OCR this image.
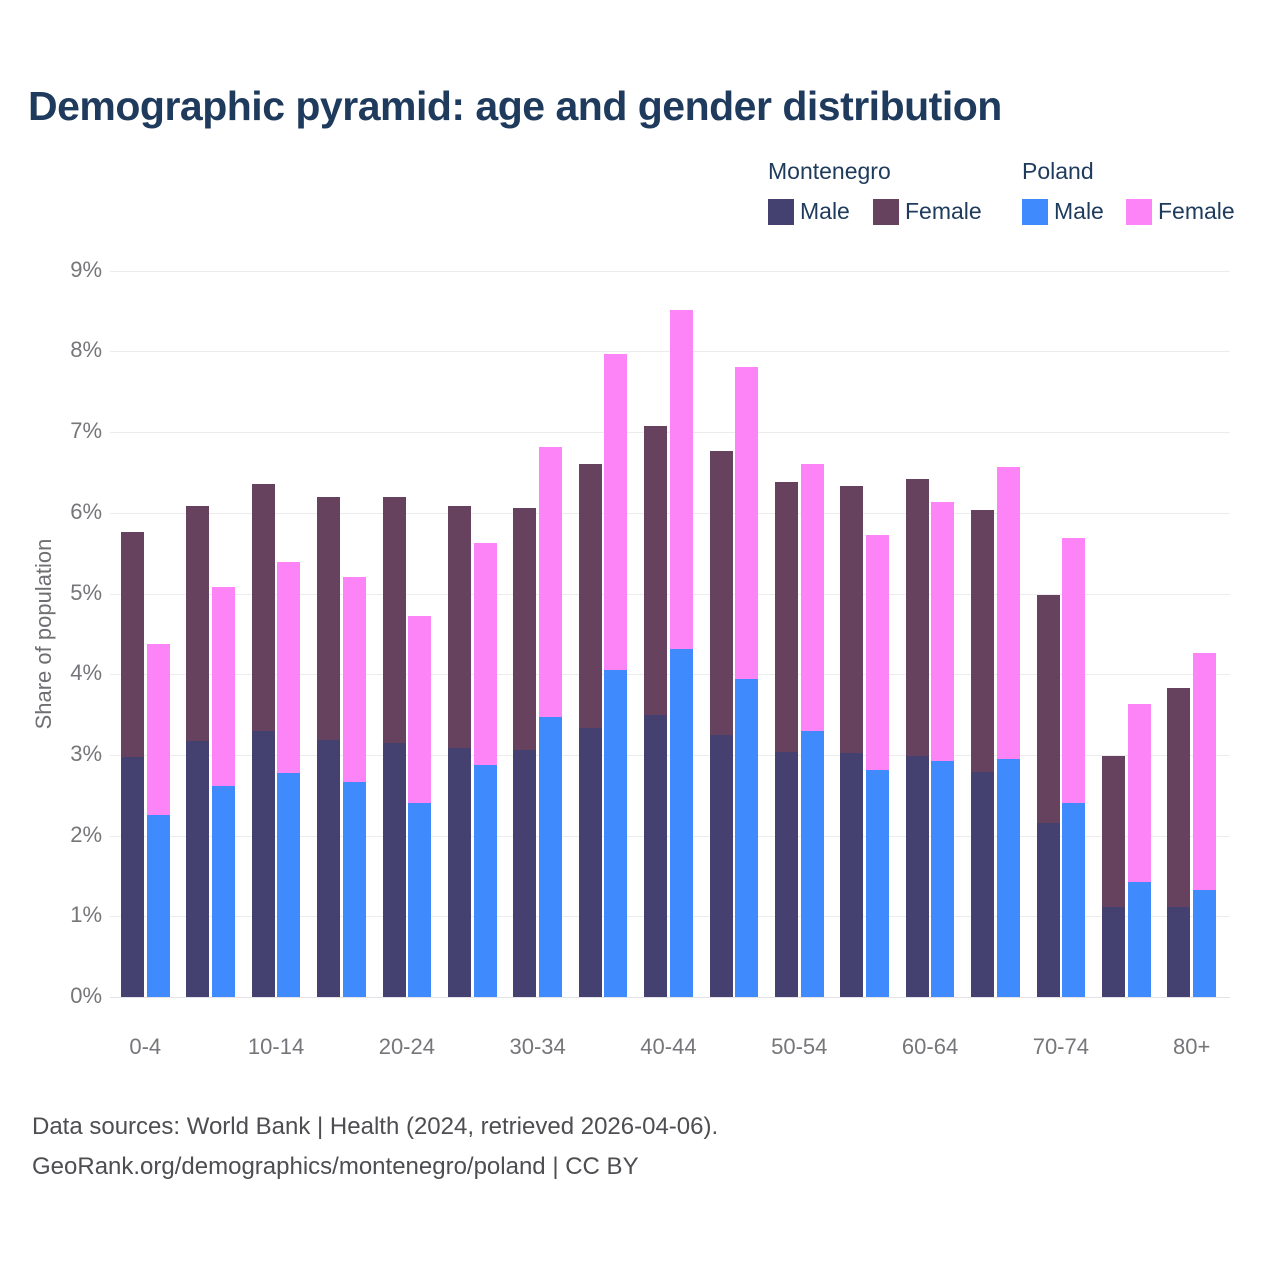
Demographic pyramid: age and gender distribution
Montenegro	Poland
Male Female	Male Female
Share of population
0%
1%
2%
3%
4%
5%
6%
7%
8%
9%
0-4	10-14	20-24	30-34	40-44	50-54	60-64	70-74	80+
Data sources: World Bank | Health (2024, retrieved 2026-04-06).
GeoRank.org/demographics/montenegro/poland | CC BY
